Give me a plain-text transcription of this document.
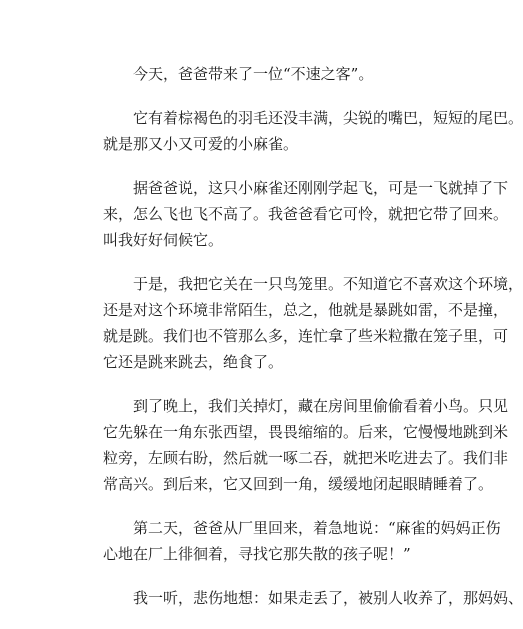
今天，爸爸带来了一位“不速之客”。

它有着棕褐色的羽毛还没丰满，尖锐的嘴巴，短短的尾巴。
就是那又小又可爱的小麻雀。

据爸爸说，这只小麻雀还刚刚学起飞，可是一飞就掉了下
来，怎么飞也飞不高了。我爸爸看它可怜，就把它带了回来。
叫我好好伺候它。

于是，我把它关在一只鸟笼里。不知道它不喜欢这个环境，
还是对这个环境非常陌生，总之，他就是暴跳如雷，不是撞，
就是跳。我们也不管那么多，连忙拿了些米粒撒在笼子里，可
它还是跳来跳去，绝食了。

到了晚上，我们关掉灯，藏在房间里偷偷看着小鸟。只见
它先躲在一角东张西望，畏畏缩缩的。后来，它慢慢地跳到米
粒旁，左顾右盼，然后就一啄二吞，就把米吃进去了。我们非
常高兴。到后来，它又回到一角，缓缓地闭起眼睛睡着了。

第二天，爸爸从厂里回来，着急地说：“麻雀的妈妈正伤
心地在厂上徘徊着，寻找它那失散的孩子呢！”

我一听，悲伤地想：如果走丢了，被别人收养了，那妈妈、
